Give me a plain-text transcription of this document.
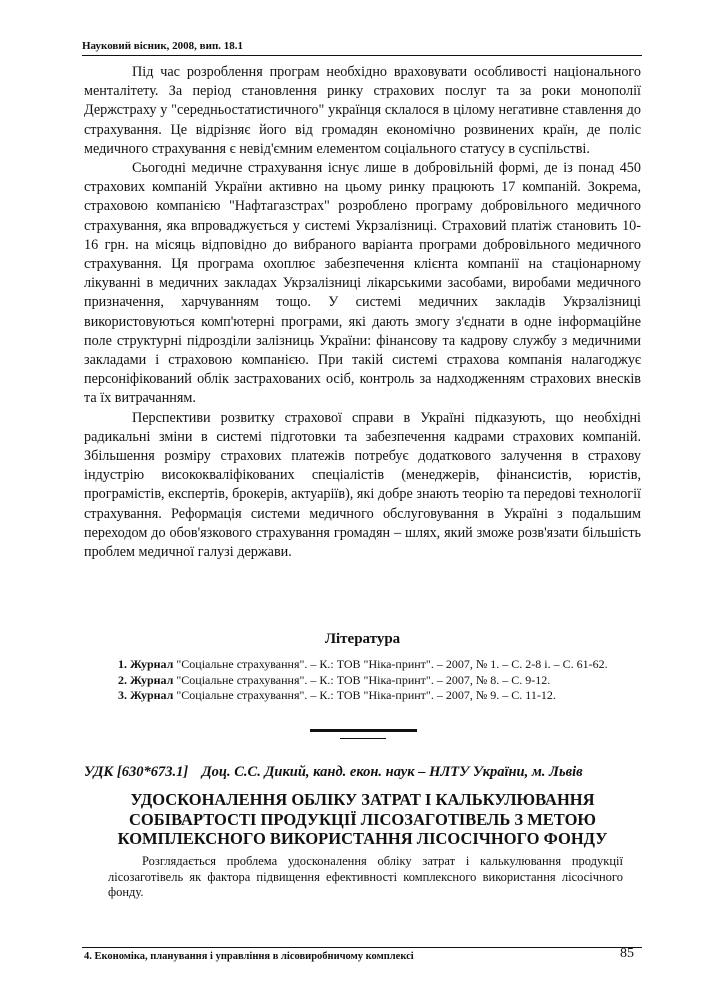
Науковий вісник, 2008, вип. 18.1

Під час розроблення програм необхідно враховувати особливості національного менталітету. За період становлення ринку страхових послуг та за роки монополії Держстраху у "середньостатистичного" українця склалося в цілому негативне ставлення до страхування. Це відрізняє його від громадян економічно розвинених країн, де поліс медичного страхування є невід'ємним елементом соціального статусу в суспільстві.

Сьогодні медичне страхування існує лише в добровільній формі, де із понад 450 страхових компаній України активно на цьому ринку працюють 17 компаній. Зокрема, страховою компанією "Нафтагазстрах" розроблено програму добровільного медичного страхування, яка впроваджується у системі Укрзалізниці. Страховий платіж становить 10-16 грн. на місяць відповідно до вибраного варіанта програми добровільного медичного страхування. Ця програма охоплює забезпечення клієнта компанії на стаціонарному лікуванні в медичних закладах Укрзалізниці лікарськими засобами, виробами медичного призначення, харчуванням тощо. У системі медичних закладів Укрзалізниці використовуються комп'ютерні програми, які дають змогу з'єднати в одне інформаційне поле структурні підрозділи залізниць України: фінансову та кадрову службу з медичними закладами і страховою компанією. При такій системі страхова компанія налагоджує персоніфікований облік застрахованих осіб, контроль за надходженням страхових внесків та їх витрачанням.

Перспективи розвитку страхової справи в Україні підказують, що необхідні радикальні зміни в системі підготовки та забезпечення кадрами страхових компаній. Збільшення розміру страхових платежів потребує додаткового залучення в страхову індустрію висококваліфікованих спеціалістів (менеджерів, фінансистів, юристів, програмістів, експертів, брокерів, актуаріїв), які добре знають теорію та передові технології страхування. Реформація системи медичного обслуговування в Україні з подальшим переходом до обов'язкового страхування громадян – шлях, який зможе розв'язати більшість проблем медичної галузі держави.

Література

1. Журнал "Соціальне страхування". – К.: ТОВ "Ніка-принт". – 2007, № 1. – С. 2-8 і. – С. 61-62.

2. Журнал "Соціальне страхування". – К.: ТОВ "Ніка-принт". – 2007, № 8. – С. 9-12.

3. Журнал "Соціальне страхування". – К.: ТОВ "Ніка-принт". – 2007, № 9. – С. 11-12.

УДК [630*673.1] Доц. С.С. Дикий, канд. екон. наук – НЛТУ України, м. Львів
УДОСКОНАЛЕННЯ ОБЛІКУ ЗАТРАТ І КАЛЬКУЛЮВАННЯ
СОБІВАРТОСТІ ПРОДУКЦІЇ ЛІСОЗАГОТІВЕЛЬ З МЕТОЮ
КОМПЛЕКСНОГО ВИКОРИСТАННЯ ЛІСОСІЧНОГО ФОНДУ

Розглядається проблема удосконалення обліку затрат і калькулювання продукції лісозаготівель як фактора підвищення ефективності комплексного використання лісосічного фонду.

4. Економіка, планування і управління в лісовиробничому комплексі	85
